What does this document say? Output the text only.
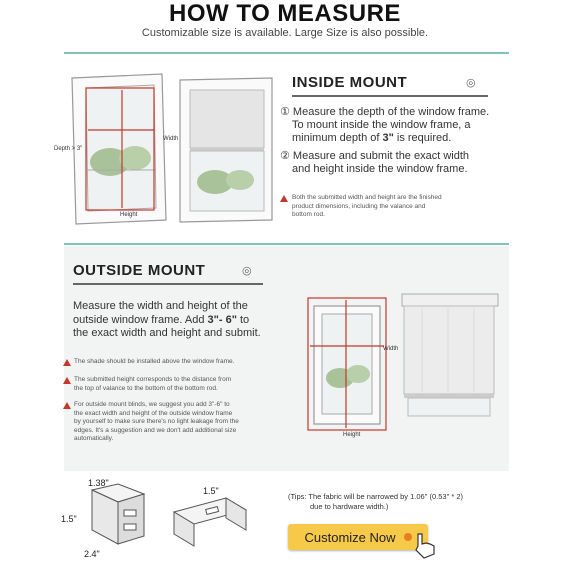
HOW TO MEASURE
Customizable size is available. Large Size is also possible.
Depth > 3"
Width
Height
INSIDE MOUNT	◎
① Measure the depth of the window frame.
To mount inside the window frame, a
minimum depth of 3" is required.
② Measure and submit the exact width
and height inside the window frame.
Both the submitted width and height are the finished
product dimensions, including the valance and
bottom rod.
OUTSIDE MOUNT	◎
Measure the width and height of the
outside window frame. Add 3"- 6" to
the exact width and height and submit.
The shade should be installed above the window frame.
The submitted height corresponds to the distance from
the top of valance to the bottom of the bottom rod.
For outside mount blinds, we suggest you add 3"-6" to
the exact width and height of the outside window frame
by yourself to make sure there's no light leakage from the
edges. It's a suggestion and we don't add additional size
automatically.
Width
Height
1.38"
1.5"
2.4"
1.5"
(Tips: The fabric will be narrowed by 1.06" (0.53" * 2)
due to hardware width.)
Customize Now
